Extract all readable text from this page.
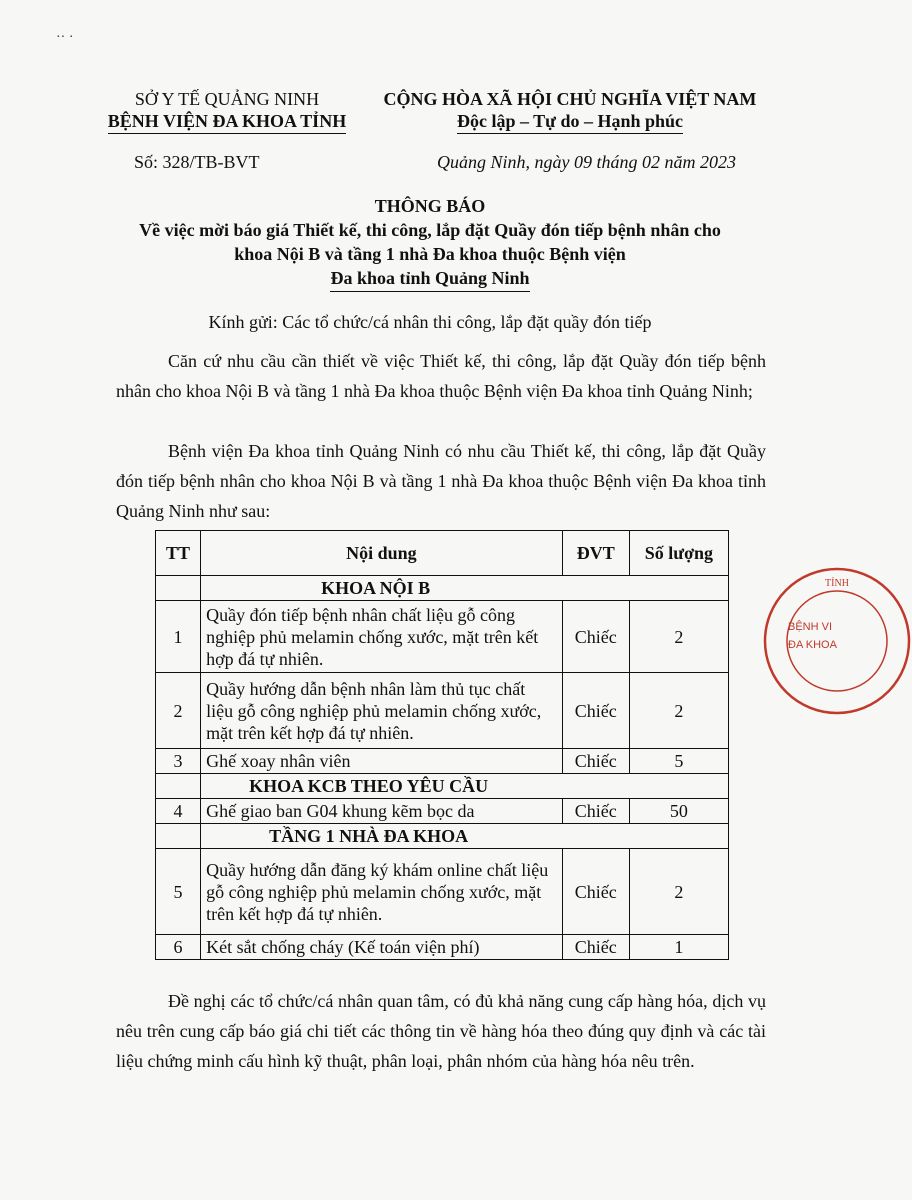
·· ·
SỞ Y TẾ QUẢNG NINH
BỆNH VIỆN ĐA KHOA TỈNH
CỘNG HÒA XÃ HỘI CHỦ NGHĨA VIỆT NAM
Độc lập – Tự do – Hạnh phúc
Số: 328/TB-BVT	Quảng Ninh, ngày 09 tháng 02 năm 2023
THÔNG BÁO
Về việc mời báo giá Thiết kế, thi công, lắp đặt Quầy đón tiếp bệnh nhân cho
khoa Nội B và tầng 1 nhà Đa khoa thuộc Bệnh viện
Đa khoa tỉnh Quảng Ninh
Kính gửi: Các tổ chức/cá nhân thi công, lắp đặt quầy đón tiếp
Căn cứ nhu cầu cần thiết về việc Thiết kế, thi công, lắp đặt Quầy đón tiếp bệnh nhân cho khoa Nội B và tầng 1 nhà Đa khoa thuộc Bệnh viện Đa khoa tỉnh Quảng Ninh;
Bệnh viện Đa khoa tỉnh Quảng Ninh có nhu cầu Thiết kế, thi công, lắp đặt Quầy đón tiếp bệnh nhân cho khoa Nội B và tầng 1 nhà Đa khoa thuộc Bệnh viện Đa khoa tỉnh Quảng Ninh như sau:
TT	Nội dung	ĐVT	Số lượng
	KHOA NỘI B		
1	Quầy đón tiếp bệnh nhân chất liệu gỗ công nghiệp phủ melamin chống xước, mặt trên kết hợp đá tự nhiên.	Chiếc	2
2	Quầy hướng dẫn bệnh nhân làm thủ tục chất liệu gỗ công nghiệp phủ melamin chống xước, mặt trên kết hợp đá tự nhiên.	Chiếc	2
3	Ghế xoay nhân viên	Chiếc	5
	KHOA KCB THEO YÊU CẦU		
4	Ghế giao ban G04 khung kẽm bọc da	Chiếc	50
	TẦNG 1 NHÀ ĐA KHOA		
5	Quầy hướng dẫn đăng ký khám online chất liệu gỗ công nghiệp phủ melamin chống xước, mặt trên kết hợp đá tự nhiên.	Chiếc	2
6	Két sắt chống cháy (Kế toán viện phí)	Chiếc	1
Đề nghị các tổ chức/cá nhân quan tâm, có đủ khả năng cung cấp hàng hóa, dịch vụ nêu trên cung cấp báo giá chi tiết các thông tin về hàng hóa theo đúng quy định và các tài liệu chứng minh cấu hình kỹ thuật, phân loại, phân nhóm của hàng hóa nêu trên.
TỈNH
BỆNH VI
ĐA KHOA
